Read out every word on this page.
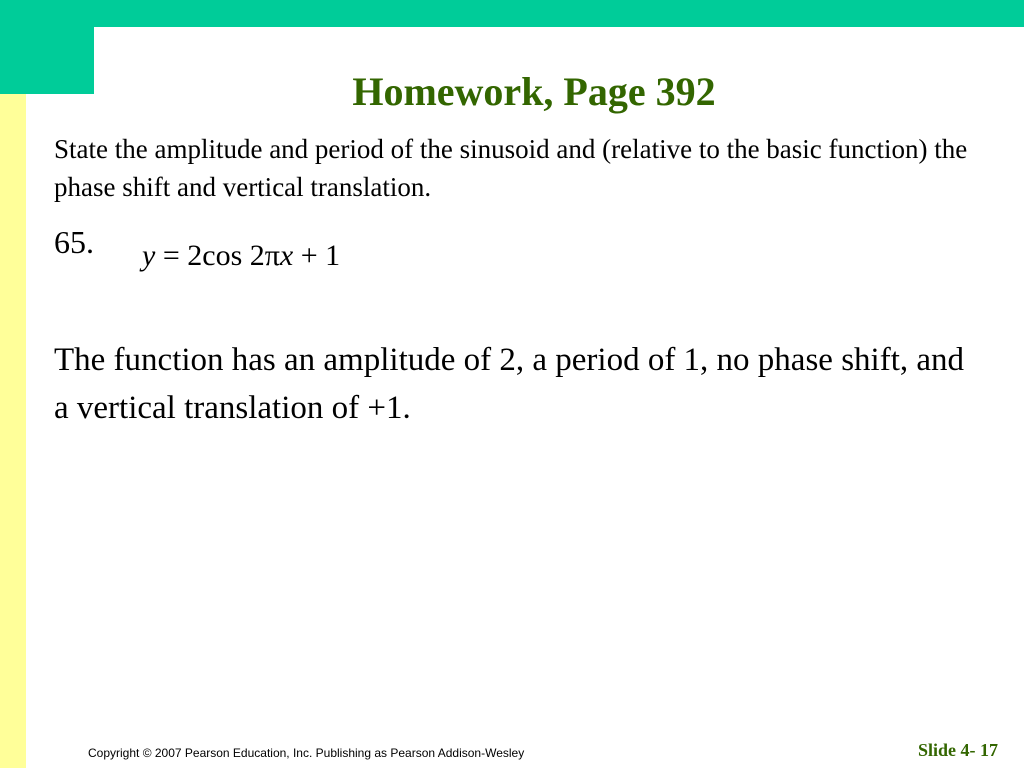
Homework, Page 392
State the amplitude and period of the sinusoid and (relative to the basic function) the phase shift and vertical translation.
65. y = 2cos 2πx + 1
The function has an amplitude of 2, a period of 1, no phase shift, and a vertical translation of +1.
Copyright © 2007 Pearson Education, Inc. Publishing as Pearson Addison-Wesley	Slide 4- 17
